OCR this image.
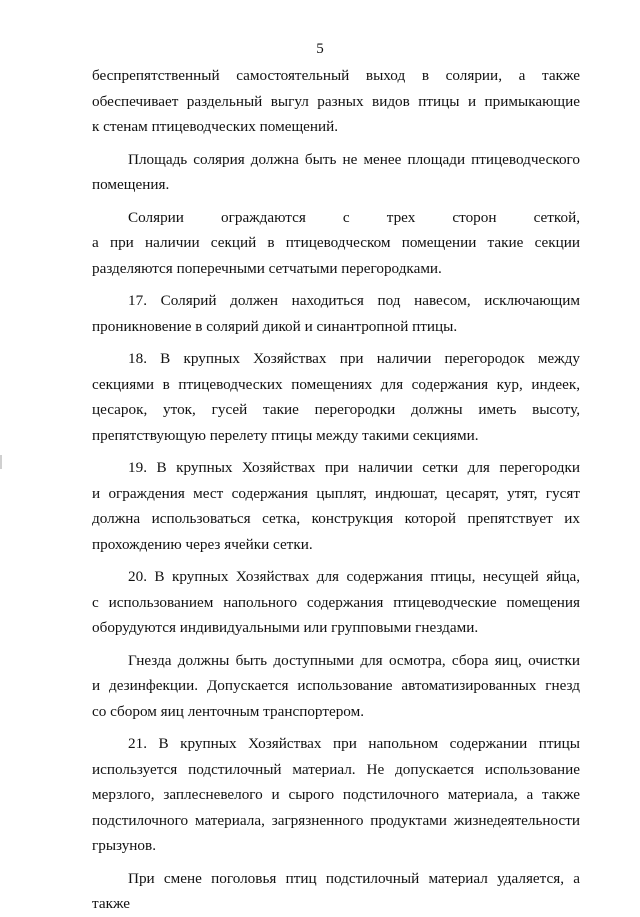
5

беспрепятственный самостоятельный выход в солярии, а также

обеспечивает раздельный выгул разных видов птицы и примыкающие

к стенам птицеводческих помещений.

Площадь солярия должна быть не менее площади птицеводческого

помещения.

Солярии ограждаются с трех сторон сеткой,

а при наличии секций в птицеводческом помещении такие секции

разделяются поперечными сетчатыми перегородками.

17. Солярий должен находиться под навесом, исключающим

проникновение в солярий дикой и синантропной птицы.

18. В крупных Хозяйствах при наличии перегородок между

секциями в птицеводческих помещениях для содержания кур, индеек,

цесарок, уток, гусей такие перегородки должны иметь высоту,

препятствующую перелету птицы между такими секциями.

19. В крупных Хозяйствах при наличии сетки для перегородки

и ограждения мест содержания цыплят, индюшат, цесарят, утят, гусят

должна использоваться сетка, конструкция которой препятствует их

прохождению через ячейки сетки.

20. В крупных Хозяйствах для содержания птицы, несущей яйца,

с использованием напольного содержания птицеводческие помещения

оборудуются индивидуальными или групповыми гнездами.

Гнезда должны быть доступными для осмотра, сбора яиц, очистки

и дезинфекции. Допускается использование автоматизированных гнезд

со сбором яиц ленточным транспортером.

21. В крупных Хозяйствах при напольном содержании птицы

используется подстилочный материал. Не допускается использование

мерзлого, заплесневелого и сырого подстилочного материала, а также

подстилочного материала, загрязненного продуктами жизнедеятельности

грызунов.

При смене поголовья птиц подстилочный материал удаляется, а также
